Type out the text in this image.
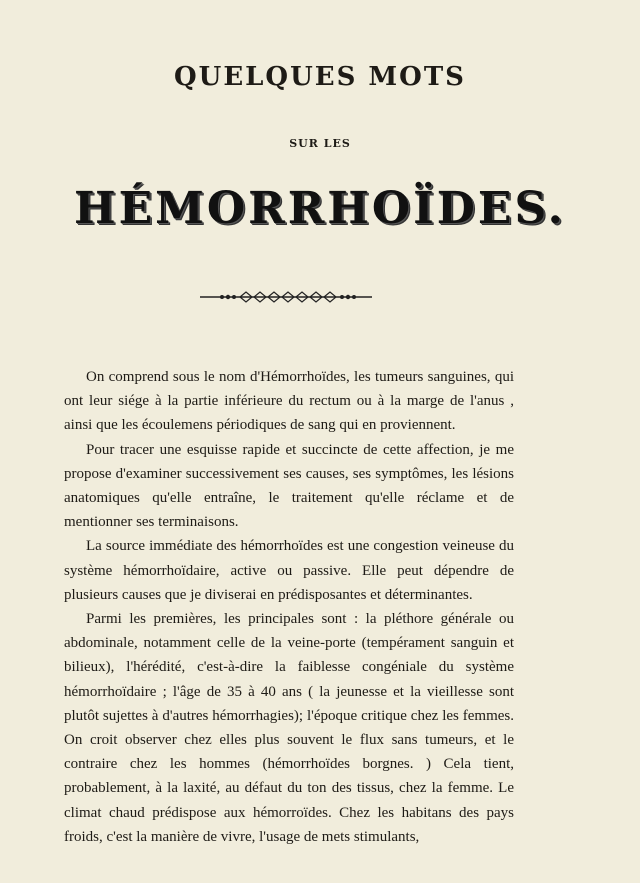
QUELQUES MOTS
SUR LES
HÉMORRHOÏDES.

On comprend sous le nom d'Hémorrhoïdes, les tumeurs sanguines, qui ont leur siége à la partie inférieure du rectum ou à la marge de l'anus , ainsi que les écoulemens périodiques de sang qui en proviennent.

Pour tracer une esquisse rapide et succincte de cette affection, je me propose d'examiner successivement ses causes, ses symptômes, les lésions anatomiques qu'elle entraîne, le traitement qu'elle réclame et de mentionner ses terminaisons.

La source immédiate des hémorrhoïdes est une congestion veineuse du système hémorrhoïdaire, active ou passive. Elle peut dépendre de plusieurs causes que je diviserai en prédisposantes et déterminantes.

Parmi les premières, les principales sont : la pléthore générale ou abdominale, notamment celle de la veine-porte (tempérament sanguin et bilieux), l'hérédité, c'est-à-dire la faiblesse congéniale du système hémorrhoïdaire ; l'âge de 35 à 40 ans ( la jeunesse et la vieillesse sont plutôt sujettes à d'autres hémorrhagies); l'époque critique chez les femmes. On croit observer chez elles plus souvent le flux sans tumeurs, et le contraire chez les hommes (hémorrhoïdes borgnes. ) Cela tient, probablement, à la laxité, au défaut du ton des tissus, chez la femme. Le climat chaud prédispose aux hémorroïdes. Chez les habitans des pays froids, c'est la manière de vivre, l'usage de mets stimulants,
